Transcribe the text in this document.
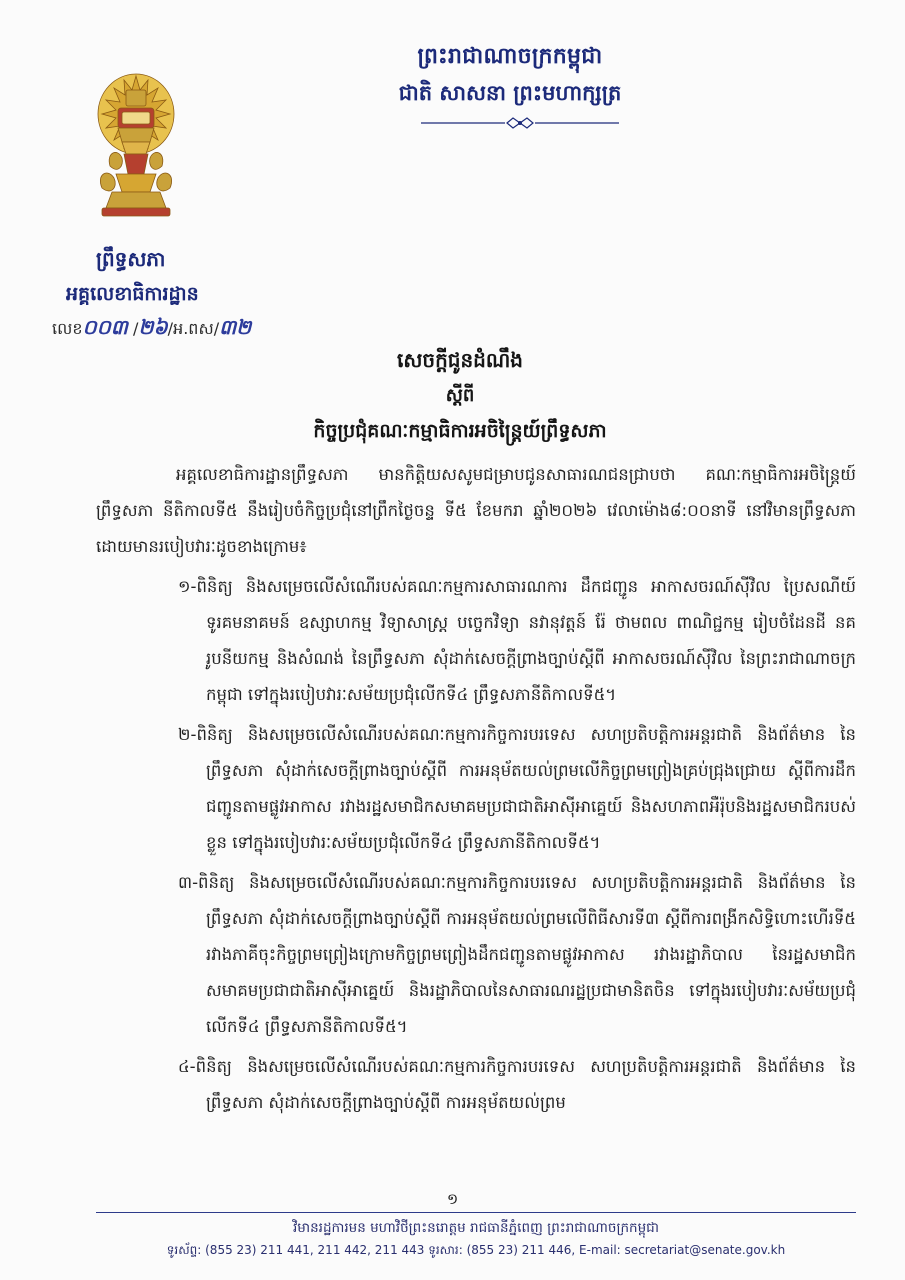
ព្រះរាជាណាចក្រកម្ពុជា
ជាតិ សាសនា ព្រះមហាក្សត្រ
ព្រឹទ្ធសភា
អគ្គលេខាធិការដ្ឋាន
លេខ០០៣ /២៦/អ.ពស/៣២
សេចក្តីជូនដំណឹង
ស្តីពី
កិច្ចប្រជុំគណៈកម្មាធិការអចិន្ត្រៃយ៍ព្រឹទ្ធសភា

អគ្គលេខាធិការដ្ឋានព្រឹទ្ធសភា មានកិត្តិយសសូមជម្រាបជូនសាធារណជនជ្រាបថា គណៈកម្មាធិការអចិន្ត្រៃយ៍ព្រឹទ្ធសភា នីតិកាលទី៥ នឹងរៀបចំកិច្ចប្រជុំនៅព្រឹកថ្ងៃចន្ទ ទី៥ ខែមករា ឆ្នាំ២០២៦ វេលាម៉ោង៨:០០នាទី នៅវិមានព្រឹទ្ធសភា ដោយមានរបៀបវារៈដូចខាងក្រោម៖

១-ពិនិត្យ និងសម្រេចលើសំណើរបស់គណៈកម្មការសាធារណការ ដឹកជញ្ជូន អាកាសចរណ៍ស៊ីវិល ប្រៃសណីយ៍ ទូរគមនាគមន៍ ឧស្សាហកម្ម វិទ្យាសាស្ត្រ បច្ចេកវិទ្យា នវានុវត្តន៍ រ៉ែ ថាមពល ពាណិជ្ជកម្ម រៀបចំដែនដី នគរូបនីយកម្ម និងសំណង់ នៃព្រឹទ្ធសភា សុំដាក់សេចក្តីព្រាងច្បាប់ស្តីពី អាកាសចរណ៍ស៊ីវិល នៃព្រះរាជាណាចក្រកម្ពុជា ទៅក្នុងរបៀបវារៈសម័យប្រជុំលើកទី៤ ព្រឹទ្ធសភានីតិកាលទី៥។
២-ពិនិត្យ និងសម្រេចលើសំណើរបស់គណៈកម្មការកិច្ចការបរទេស សហប្រតិបត្តិការអន្តរជាតិ និងព័ត៌មាន នៃព្រឹទ្ធសភា សុំដាក់សេចក្តីព្រាងច្បាប់ស្តីពី ការអនុម័តយល់ព្រមលើកិច្ចព្រមព្រៀងគ្រប់ជ្រុងជ្រោយ ស្តីពីការដឹកជញ្ជូនតាមផ្លូវអាកាស រវាងរដ្ឋសមាជិកសមាគមប្រជាជាតិអាស៊ីអាគ្នេយ៍ និងសហភាពអឺរ៉ុបនិងរដ្ឋសមាជិករបស់ខ្លួន ទៅក្នុងរបៀបវារៈសម័យប្រជុំលើកទី៤ ព្រឹទ្ធសភានីតិកាលទី៥។
៣-ពិនិត្យ និងសម្រេចលើសំណើរបស់គណៈកម្មការកិច្ចការបរទេស សហប្រតិបត្តិការអន្តរជាតិ និងព័ត៌មាន នៃព្រឹទ្ធសភា សុំដាក់សេចក្តីព្រាងច្បាប់ស្តីពី ការអនុម័តយល់ព្រមលើពិធីសារទី៣ ស្តីពីការពង្រីកសិទ្ធិហោះហើរទី៥ រវាងភាគីចុះកិច្ចព្រមព្រៀងក្រោមកិច្ចព្រមព្រៀងដឹកជញ្ជូនតាមផ្លូវអាកាស រវាងរដ្ឋាភិបាល នៃរដ្ឋសមាជិកសមាគមប្រជាជាតិអាស៊ីអាគ្នេយ៍ និងរដ្ឋាភិបាលនៃសាធារណរដ្ឋប្រជាមានិតចិន ទៅក្នុងរបៀបវារៈសម័យប្រជុំលើកទី៤ ព្រឹទ្ធសភានីតិកាលទី៥។
៤-ពិនិត្យ និងសម្រេចលើសំណើរបស់គណៈកម្មការកិច្ចការបរទេស សហប្រតិបត្តិការអន្តរជាតិ និងព័ត៌មាន នៃព្រឹទ្ធសភា សុំដាក់សេចក្តីព្រាងច្បាប់ស្តីពី ការអនុម័តយល់ព្រម
១
វិមានរដ្ឋការមន មហាវិថីព្រះនរោត្តម រាជធានីភ្នំពេញ ព្រះរាជាណាចក្រកម្ពុជា
ទូរស័ព្ទ: (855 23) 211 441, 211 442, 211 443 ទូរសារ: (855 23) 211 446, E-mail: secretariat@senate.gov.kh
